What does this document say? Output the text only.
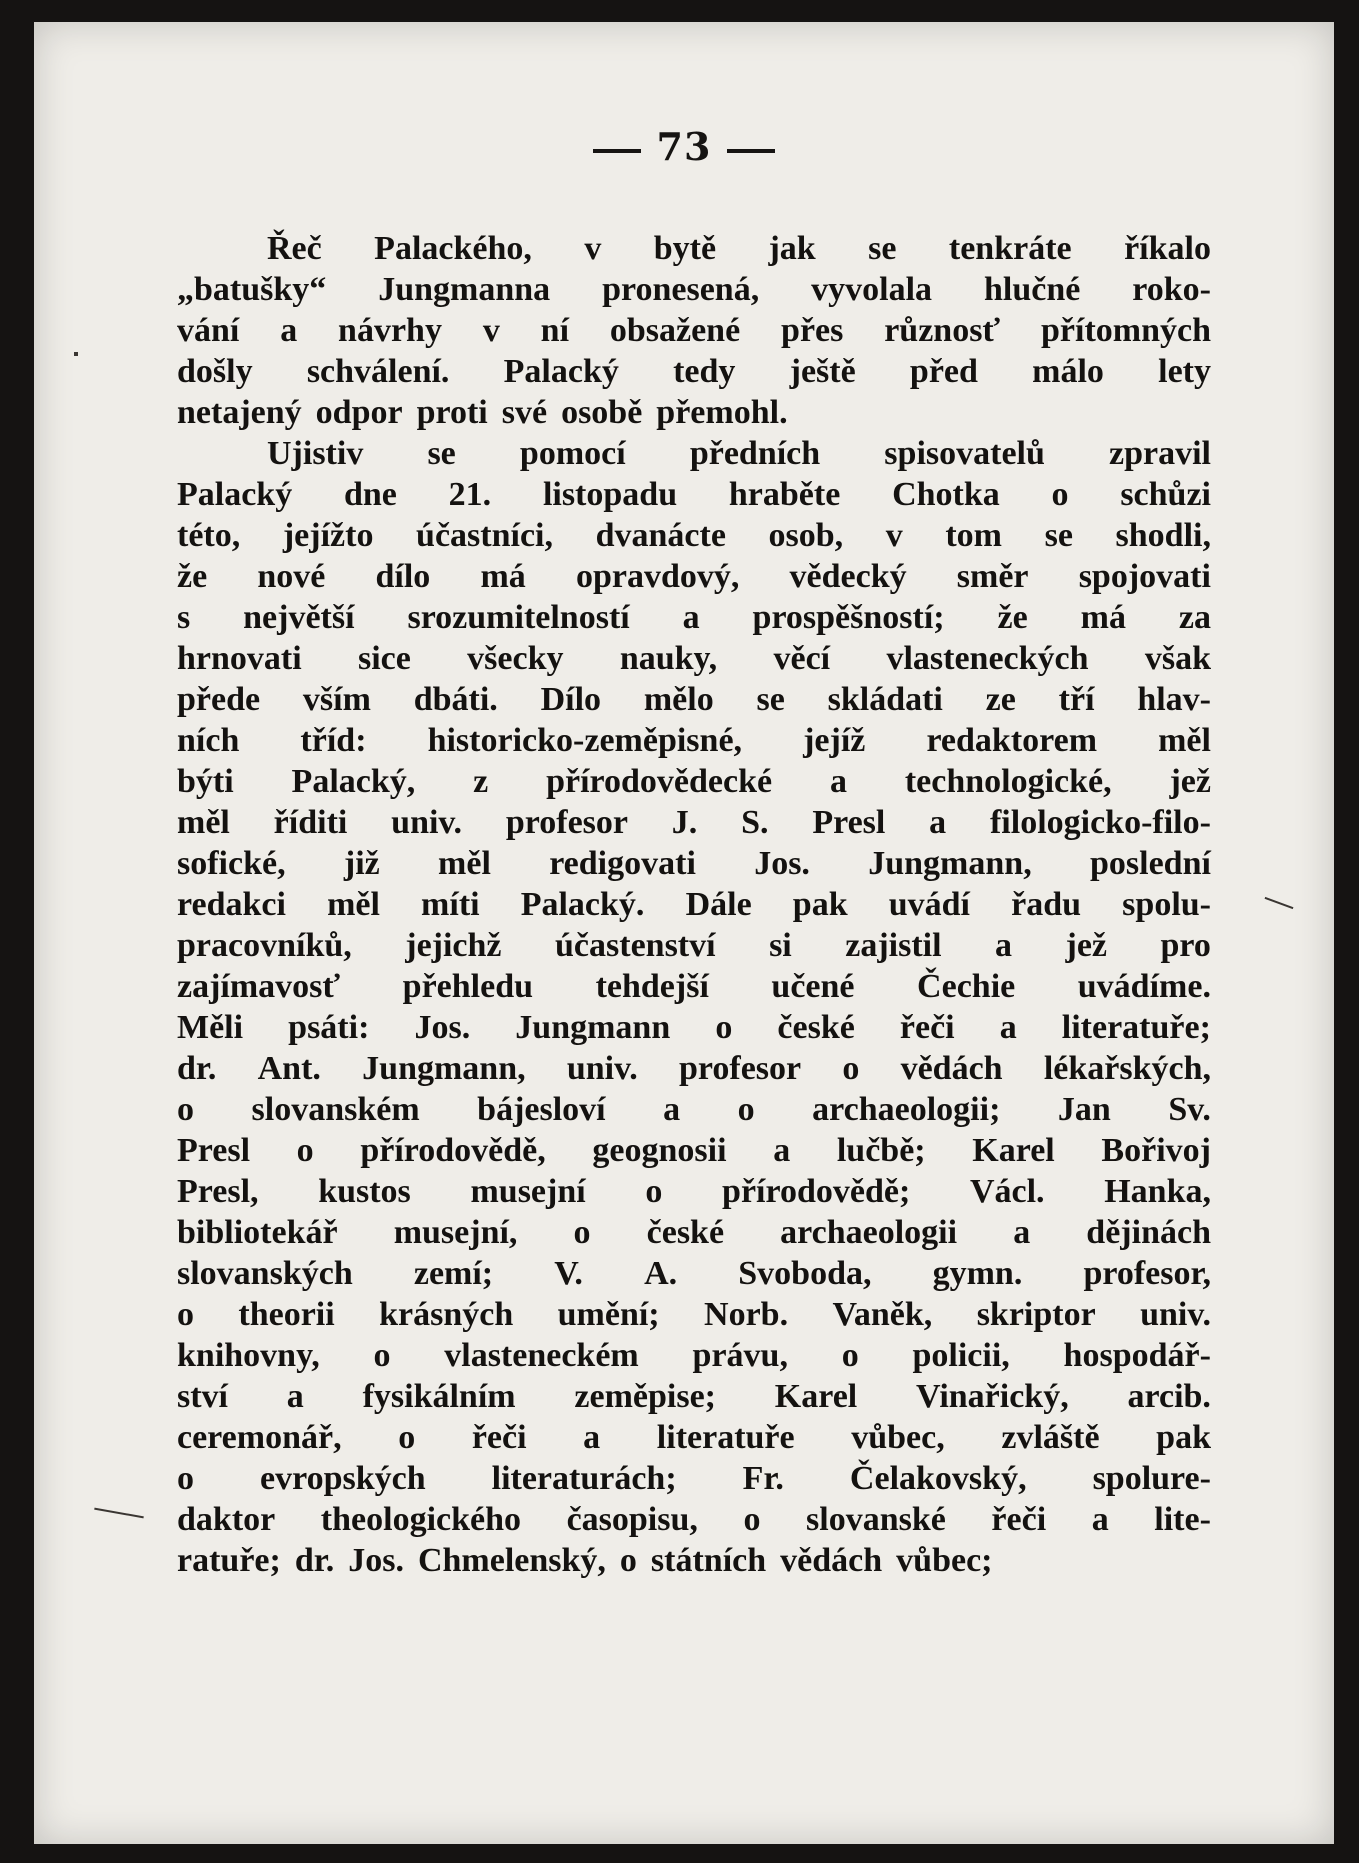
73
Řeč Palackého, v bytě jak se tenkráte říkalo
„batušky“ Jungmanna pronesená, vyvolala hlučné roko-
vání a návrhy v ní obsažené přes různosť přítomných
došly schválení. Palacký tedy ještě před málo lety
netajený odpor proti své osobě přemohl.
Ujistiv se pomocí předních spisovatelů zpravil
Palacký dne 21. listopadu hraběte Chotka o schůzi
této, jejížto účastníci, dvanácte osob, v tom se shodli,
že nové dílo má opravdový, vědecký směr spojovati
s největší srozumitelností a prospěšností; že má za
hrnovati sice všecky nauky, věcí vlasteneckých však
přede vším dbáti. Dílo mělo se skládati ze tří hlav-
ních tříd: historicko-zeměpisné, jejíž redaktorem měl
býti Palacký, z přírodovědecké a technologické, jež
měl říditi univ. profesor J. S. Presl a filologicko-filo-
sofické, již měl redigovati Jos. Jungmann, poslední
redakci měl míti Palacký. Dále pak uvádí řadu spolu-
pracovníků, jejichž účastenství si zajistil a jež pro
zajímavosť přehledu tehdejší učené Čechie uvádíme.
Měli psáti: Jos. Jungmann o české řeči a literatuře;
dr. Ant. Jungmann, univ. profesor o vědách lékařských,
o slovanském bájesloví a o archaeologii; Jan Sv.
Presl o přírodovědě, geognosii a lučbě; Karel Bořivoj
Presl, kustos musejní o přírodovědě; Václ. Hanka,
bibliotekář musejní, o české archaeologii a dějinách
slovanských zemí; V. A. Svoboda, gymn. profesor,
o theorii krásných umění; Norb. Vaněk, skriptor univ.
knihovny, o vlasteneckém právu, o policii, hospodář-
ství a fysikálním zeměpise; Karel Vinařický, arcib.
ceremonář, o řeči a literatuře vůbec, zvláště pak
o evropských literaturách; Fr. Čelakovský, spolure-
daktor theologického časopisu, o slovanské řeči a lite-
ratuře; dr. Jos. Chmelenský, o státních vědách vůbec;
